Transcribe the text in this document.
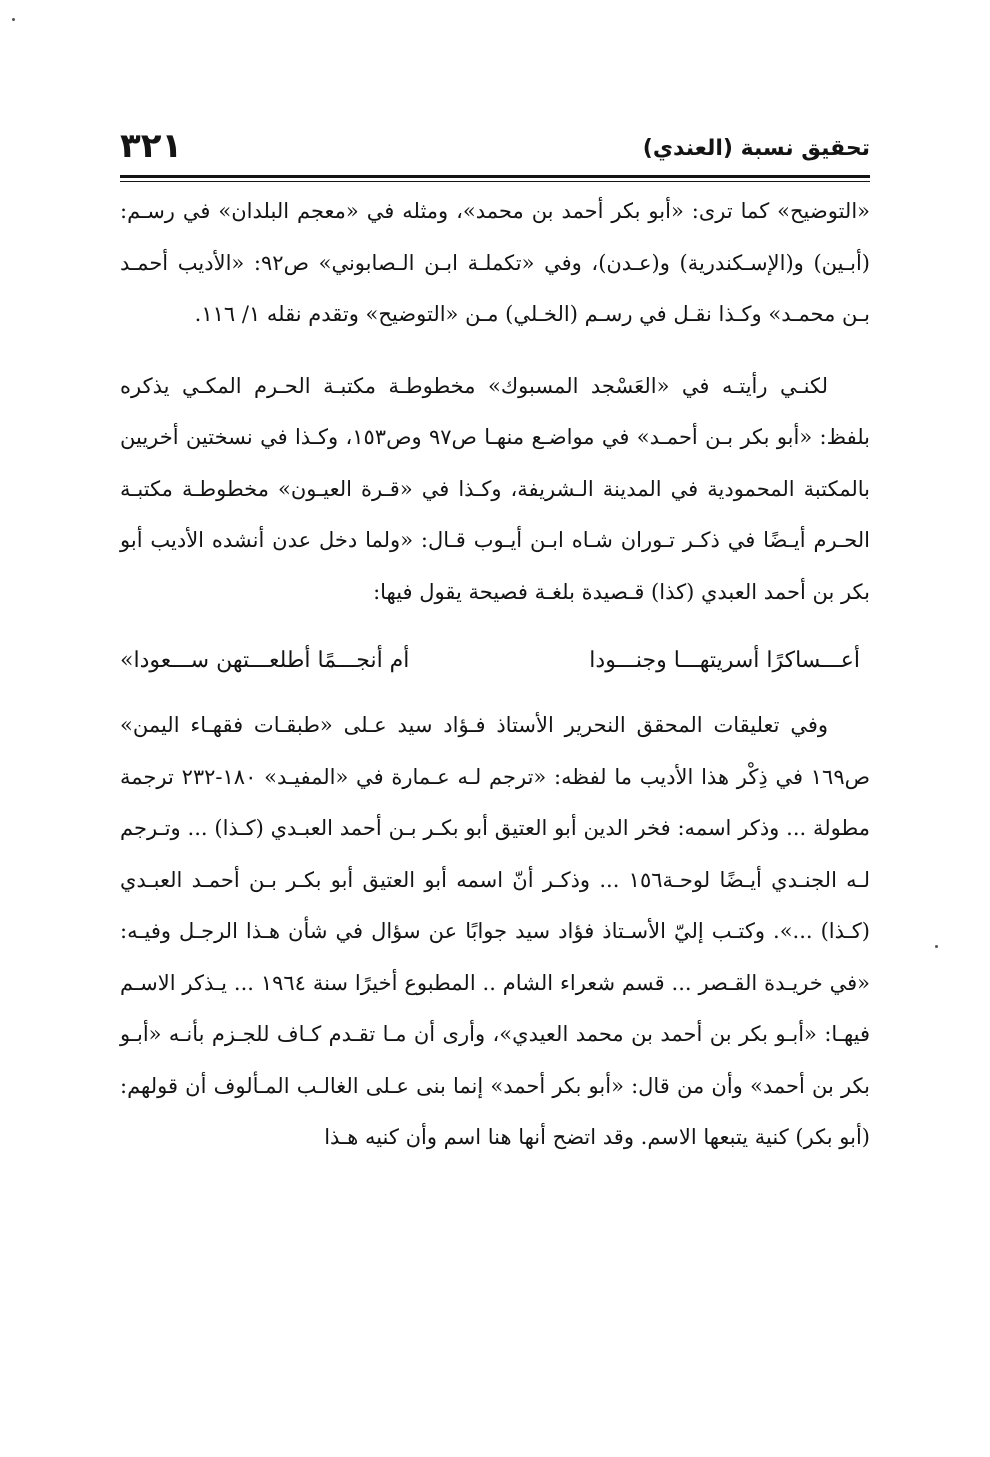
٣٢١	تحقيق نسبة (العندي)

«التوضيح» كما ترى: «أبو بكر أحمد بن محمد»، ومثله في «معجم البلدان» في رسـم: (أبـين) و(الإسـكندرية) و(عـدن)، وفي «تكملـة ابـن الـصابوني» ص٩٢: «الأديب أحمـد بـن محمـد» وكـذا نقـل في رسـم (الخـلي) مـن «التوضيح» وتقدم نقله ١/ ١١٦.

لكنـي رأيتـه في «العَسْجد المسبوك» مخطوطـة مكتبـة الحـرم المكـي يذكره بلفظ: «أبو بكر بـن أحمـد» في مواضـع منهـا ص٩٧ وص١٥٣، وكـذا في نسختين أخريين بالمكتبة المحمودية في المدينة الـشريفة، وكـذا في «قـرة العيـون» مخطوطـة مكتبـة الحـرم أيـضًا في ذكـر تـوران شـاه ابـن أيـوب قـال: «ولما دخل عدن أنشده الأديب أبو بكر بن أحمد العبدي (كذا) قـصيدة بلغـة فصيحة يقول فيها:

أعـــساكرًا أسريتهـــا وجنـــودا
أم أنجـــمًا أطلعـــتهن ســـعودا»

وفي تعليقات المحقق النحرير الأستاذ فـؤاد سيد عـلى «طبقـات فقهـاء اليمن» ص١٦٩ في ذِكْر هذا الأديب ما لفظه: «ترجم لـه عـمارة في «المفيـد» ١٨٠-٢٣٢ ترجمة مطولة ... وذكر اسمه: فخر الدين أبو العتيق أبو بكـر بـن أحمد العبـدي (كـذا) ... وتـرجم لـه الجنـدي أيـضًا لوحـة١٥٦ ... وذكـر أنّ اسمه أبو العتيق أبو بكـر بـن أحمـد العبـدي (كـذا) ...». وكتـب إليّ الأسـتاذ فؤاد سيد جوابًا عن سؤال في شأن هـذا الرجـل وفيـه: «في خريـدة القـصر ... قسم شعراء الشام .. المطبوع أخيرًا سنة ١٩٦٤ ... يـذكر الاسـم فيهـا: «أبـو بكر بن أحمد بن محمد العيدي»، وأرى أن مـا تقـدم كـاف للجـزم بأنـه «أبـو بكر بن أحمد» وأن من قال: «أبو بكر أحمد» إنما بنى عـلى الغالـب المـألوف أن قولهم: (أبو بكر) كنية يتبعها الاسم. وقد اتضح أنها هنا اسم وأن كنيه هـذا
